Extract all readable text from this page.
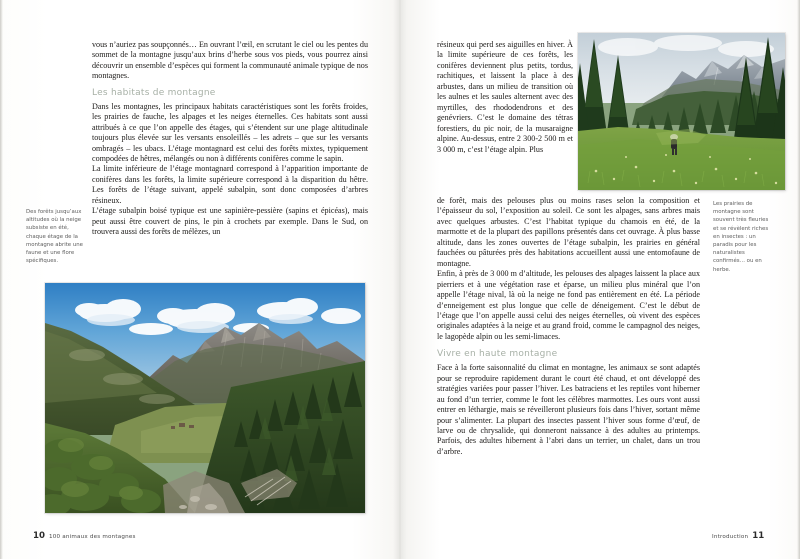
vous n’auriez pas soupçonnés… En ouvrant l’œil, en scrutant le ciel ou les pentes du sommet de la montagne jusqu’aux brins d’herbe sous vos pieds, vous pourrez ainsi découvrir un ensemble d’espèces qui forment la communauté animale typique de nos montagnes.

Les habitats de montagne

Dans les montagnes, les principaux habitats caractéristiques sont les forêts froides, les prairies de fauche, les alpages et les neiges éternelles. Ces habitats sont aussi attribués à ce que l’on appelle des étages, qui s’étendent sur une plage altitudinale toujours plus élevée sur les versants ensoleillés – les adrets – que sur les versants ombragés – les ubacs. L’étage montagnard est celui des forêts mixtes, typiquement compodées de hêtres, mélangés ou non à différents conifères comme le sapin.

La limite inférieure de l’étage montagnard correspond à l’apparition importante de conifères dans les forêts, la limite supérieure correspond à la disparition du hêtre. Les forêts de l’étage suivant, appelé subalpin, sont donc composées d’arbres résineux.

L’étage subalpin boisé typique est une sapinière-pessière (sapins et épicéas), mais peut aussi être couvert de pins, le pin à crochets par exemple. Dans le Sud, on trouvera aussi des forêts de mélèzes, un

Des forêts jusqu’aux altitudes où la neige subsiste en été, chaque étage de la montagne abrite une faune et une flore spécifiques.

résineux qui perd ses aiguilles en hiver. À la limite supérieure de ces forêts, les conifères deviennent plus petits, tordus, rachitiques, et laissent la place à des arbustes, dans un milieu de transition où les aulnes et les saules alternent avec des myrtilles, des rhododendrons et des genévriers. C’est le domaine des tétras forestiers, du pic noir, de la musaraigne alpine. Au-dessus, entre 2 300-2 500 m et 3 000 m, c’est l’étage alpin. Plus

de forêt, mais des pelouses plus ou moins rases selon la composition et l’épaisseur du sol, l’exposition au soleil. Ce sont les alpages, sans arbres mais avec quelques arbustes. C’est l’habitat typique du chamois en été, de la marmotte et de la plupart des papillons présentés dans cet ouvrage. À plus basse altitude, dans les zones ouvertes de l’étage subalpin, les prairies en général fauchées ou pâturées près des habitations accueillent aussi une entomofaune de montagne.

Enfin, à près de 3 000 m d’altitude, les pelouses des alpages laissent la place aux pierriers et à une végétation rase et éparse, un milieu plus minéral que l’on appelle l’étage nival, là où la neige ne fond pas entièrement en été. La période d’enneigement est plus longue que celle de déneigement. C’est le début de l’étage que l’on appelle aussi celui des neiges éternelles, où vivent des espèces originales adaptées à la neige et au grand froid, comme le campagnol des neiges, le lagopède alpin ou les semi-limaces.

Vivre en haute montagne

Face à la forte saisonnalité du climat en montagne, les animaux se sont adaptés pour se reproduire rapidement durant le court été chaud, et ont développé des stratégies variées pour passer l’hiver. Les batraciens et les reptiles vont hiberner au fond d’un terrier, comme le font les célèbres marmottes. Les ours vont aussi entrer en léthargie, mais se réveilleront plusieurs fois dans l’hiver, sortant même pour s’alimenter. La plupart des insectes passent l’hiver sous forme d’œuf, de larve ou de chrysalide, qui donneront naissance à des adultes au printemps. Parfois, des adultes hibernent à l’abri dans un terrier, un chalet, dans un trou d’arbre.

Les prairies de montagne sont souvent très fleuries et se révèlent riches en insectes : un paradis pour les naturalistes confirmés… ou en herbe.
10 100 animaux des montagnes	Introduction 11
